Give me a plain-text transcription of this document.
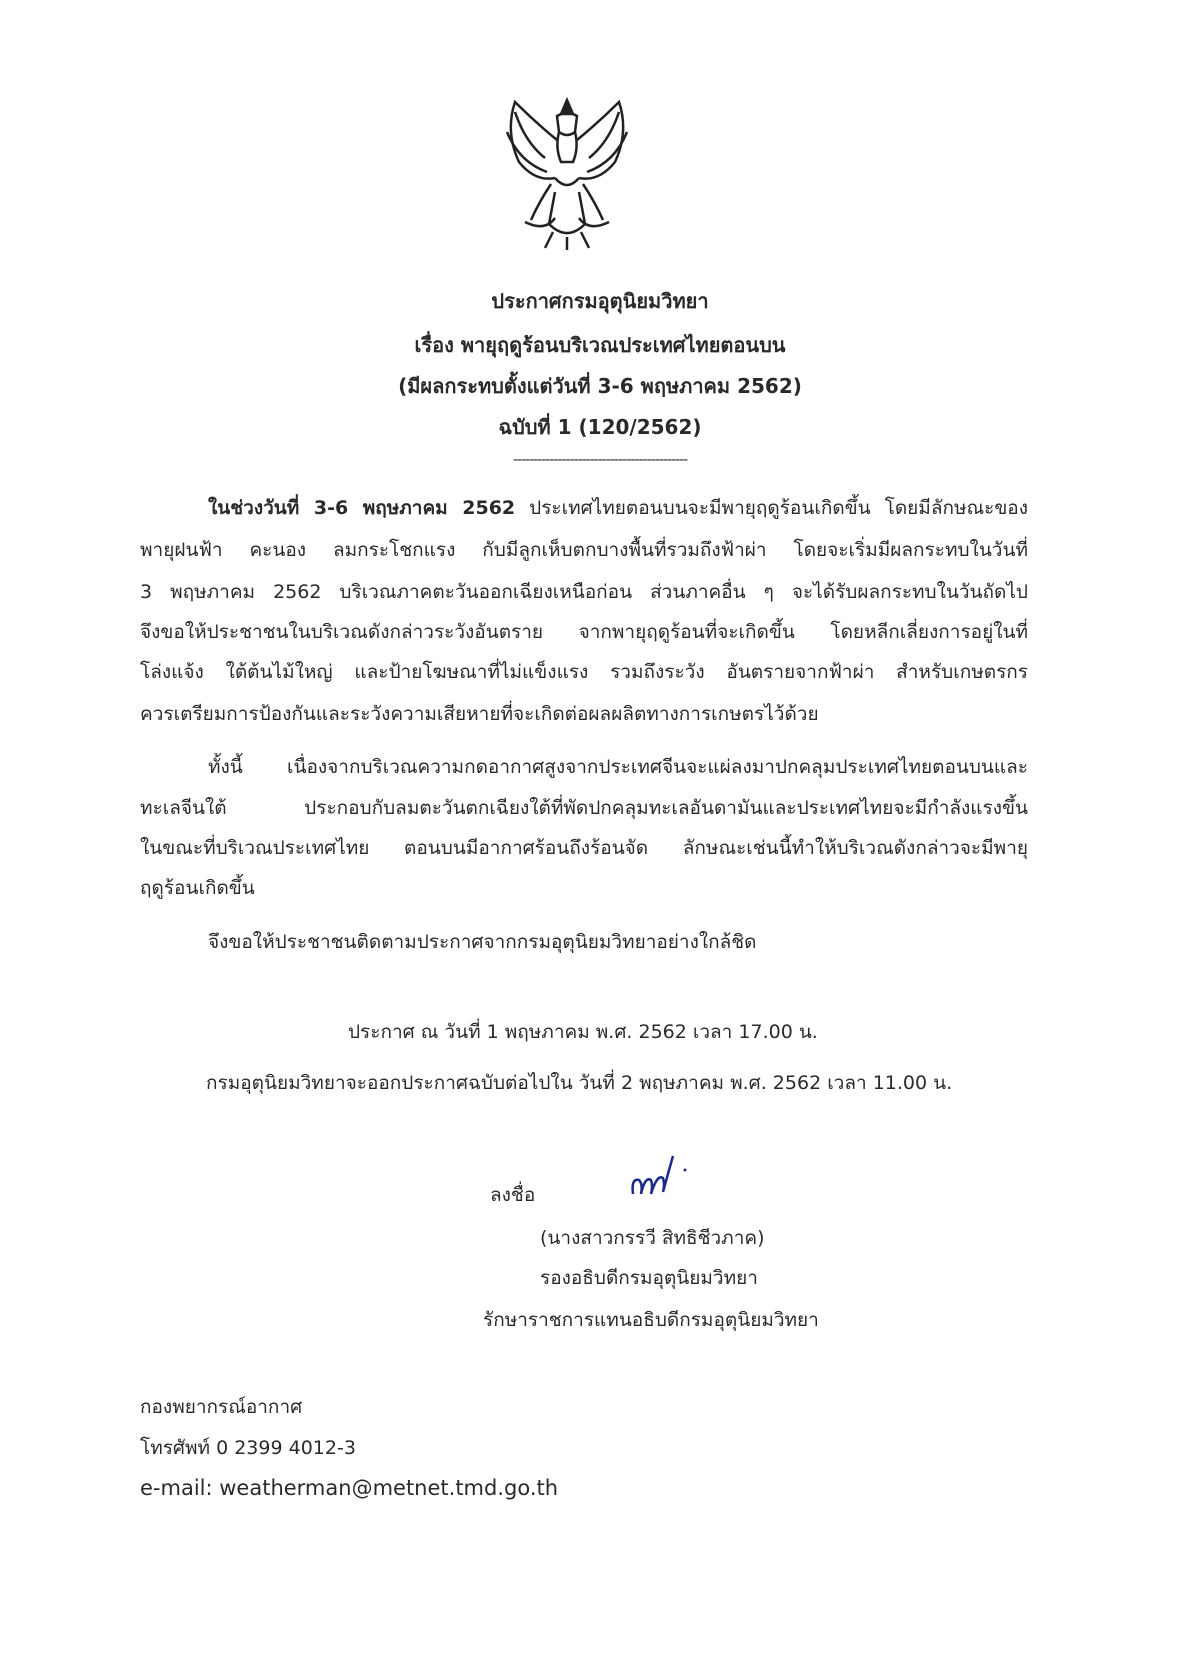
ประกาศกรมอุตุนิยมวิทยา
เรื่อง พายุฤดูร้อนบริเวณประเทศไทยตอนบน
(มีผลกระทบตั้งแต่วันที่ 3-6 พฤษภาคม 2562)
ฉบับที่ 1 (120/2562)
-------------------------------------------
ในช่วงวันที่ 3-6 พฤษภาคม 2562 ประเทศไทยตอนบนจะมีพายุฤดูร้อนเกิดขึ้น โดยมีลักษณะของ
พายุฝนฟ้า คะนอง ลมกระโชกแรง กับมีลูกเห็บตกบางพื้นที่รวมถึงฟ้าผ่า โดยจะเริ่มมีผลกระทบในวันที่
3 พฤษภาคม 2562 บริเวณภาคตะวันออกเฉียงเหนือก่อน ส่วนภาคอื่น ๆ จะได้รับผลกระทบในวันถัดไป
จึงขอให้ประชาชนในบริเวณดังกล่าวระวังอันตราย จากพายุฤดูร้อนที่จะเกิดขึ้น โดยหลีกเลี่ยงการอยู่ในที่
โล่งแจ้ง ใต้ต้นไม้ใหญ่ และป้ายโฆษณาที่ไม่แข็งแรง รวมถึงระวัง อันตรายจากฟ้าผ่า สำหรับเกษตรกร
ควรเตรียมการป้องกันและระวังความเสียหายที่จะเกิดต่อผลผลิตทางการเกษตรไว้ด้วย
ทั้งนี้ เนื่องจากบริเวณความกดอากาศสูงจากประเทศจีนจะแผ่ลงมาปกคลุมประเทศไทยตอนบนและ
ทะเลจีนใต้ ประกอบกับลมตะวันตกเฉียงใต้ที่พัดปกคลุมทะเลอันดามันและประเทศไทยจะมีกำลังแรงขึ้น
ในขณะที่บริเวณประเทศไทย ตอนบนมีอากาศร้อนถึงร้อนจัด ลักษณะเช่นนี้ทำให้บริเวณดังกล่าวจะมีพายุ
ฤดูร้อนเกิดขึ้น
จึงขอให้ประชาชนติดตามประกาศจากกรมอุตุนิยมวิทยาอย่างใกล้ชิด
ประกาศ ณ วันที่ 1 พฤษภาคม พ.ศ. 2562 เวลา 17.00 น.
กรมอุตุนิยมวิทยาจะออกประกาศฉบับต่อไปใน วันที่ 2 พฤษภาคม พ.ศ. 2562 เวลา 11.00 น.
ลงชื่อ
(นางสาวกรรวี สิทธิชีวภาค)
รองอธิบดีกรมอุตุนิยมวิทยา
รักษาราชการแทนอธิบดีกรมอุตุนิยมวิทยา
กองพยากรณ์อากาศ
โทรศัพท์ 0 2399 4012-3
e-mail: weatherman@metnet.tmd.go.th
